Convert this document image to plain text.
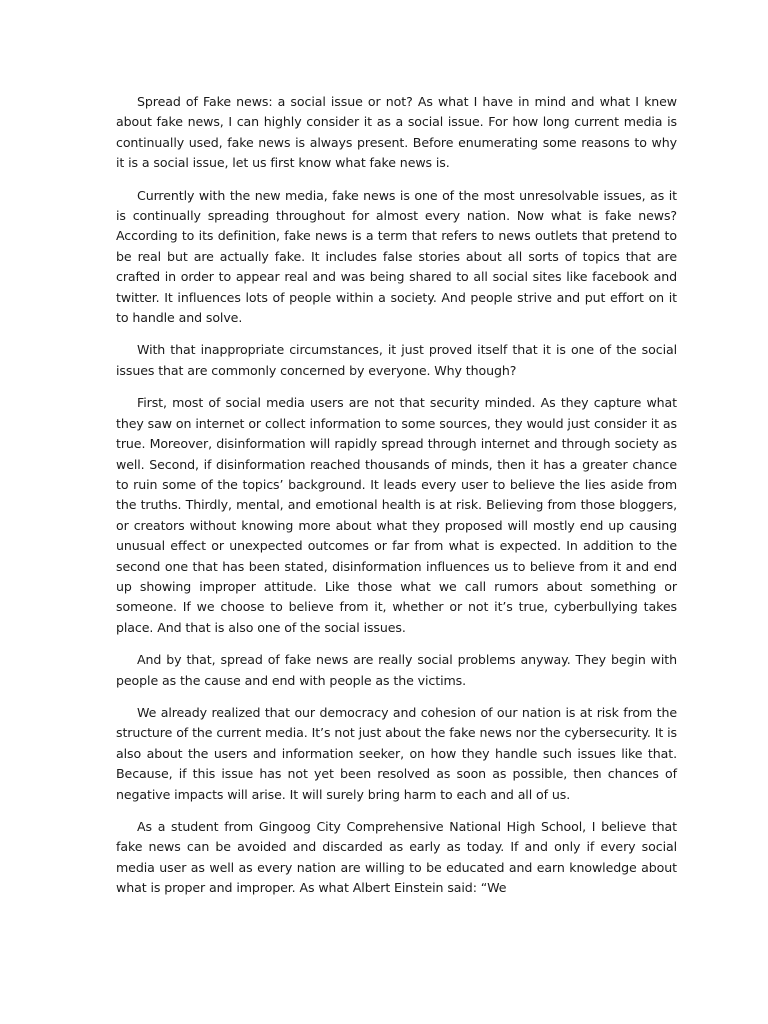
Spread of Fake news: a social issue or not? As what I have in mind and what I knew about fake news, I can highly consider it as a social issue. For how long current media is continually used, fake news is always present. Before enumerating some reasons to why it is a social issue, let us first know what fake news is.

Currently with the new media, fake news is one of the most unresolvable issues, as it is continually spreading throughout for almost every nation. Now what is fake news? According to its definition, fake news is a term that refers to news outlets that pretend to be real but are actually fake. It includes false stories about all sorts of topics that are crafted in order to appear real and was being shared to all social sites like facebook and twitter. It influences lots of people within a society. And people strive and put effort on it to handle and solve.

With that inappropriate circumstances, it just proved itself that it is one of the social issues that are commonly concerned by everyone. Why though?

First, most of social media users are not that security minded. As they capture what they saw on internet or collect information to some sources, they would just consider it as true. Moreover, disinformation will rapidly spread through internet and through society as well. Second, if disinformation reached thousands of minds, then it has a greater chance to ruin some of the topics’ background. It leads every user to believe the lies aside from the truths. Thirdly, mental, and emotional health is at risk. Believing from those bloggers, or creators without knowing more about what they proposed will mostly end up causing unusual effect or unexpected outcomes or far from what is expected. In addition to the second one that has been stated, disinformation influences us to believe from it and end up showing improper attitude. Like those what we call rumors about something or someone. If we choose to believe from it, whether or not it’s true, cyberbullying takes place. And that is also one of the social issues.

And by that, spread of fake news are really social problems anyway. They begin with people as the cause and end with people as the victims.

We already realized that our democracy and cohesion of our nation is at risk from the structure of the current media. It’s not just about the fake news nor the cybersecurity. It is also about the users and information seeker, on how they handle such issues like that. Because, if this issue has not yet been resolved as soon as possible, then chances of negative impacts will arise. It will surely bring harm to each and all of us.

As a student from Gingoog City Comprehensive National High School, I believe that fake news can be avoided and discarded as early as today. If and only if every social media user as well as every nation are willing to be educated and earn knowledge about what is proper and improper. As what Albert Einstein said: “We
